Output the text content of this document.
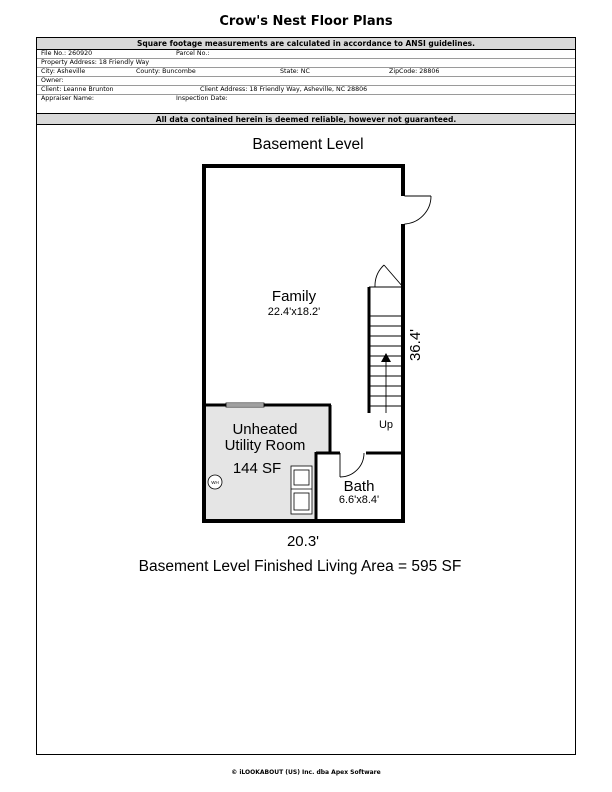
Crow's Nest Floor Plans
Square footage measurements are calculated in accordance to ANSI guidelines.
File No.: 260920	Parcel No.:
Property Address: 18 Friendly Way
City: Asheville	County: Buncombe	State: NC	ZipCode: 28806
Owner:
Client: Leanne Brunton	Client Address: 18 Friendly Way, Asheville, NC 28806
Appraiser Name:	Inspection Date:
All data contained herein is deemed reliable, however not guaranteed.
Basement Level
Up
WH
Family
22.4'x18.2'
Unheated
Utility Room
144 SF
Bath
6.6'x8.4'
20.3'
36.4'
Basement Level Finished Living Area = 595 SF
© iLOOKABOUT (US) Inc. dba Apex Software
